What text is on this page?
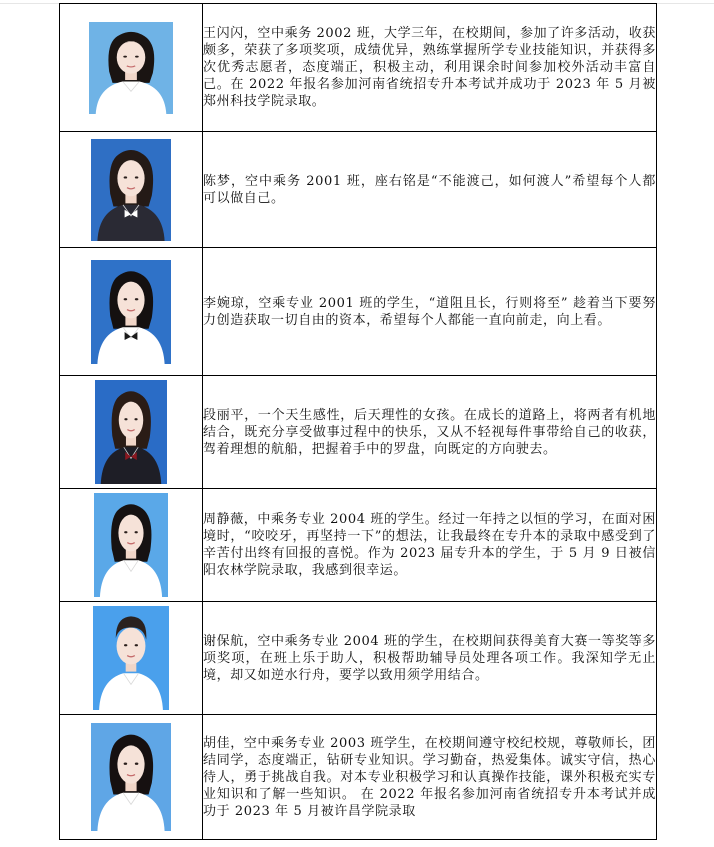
王闪闪，空中乘务 2002 班，大学三年，在校期间，参加了许多活动，收获颇多，荣获了多项奖项，成绩优异，熟练掌握所学专业技能知识，并获得多次优秀志愿者，态度端正，积极主动，利用课余时间参加校外活动丰富自己。在 2022 年报名参加河南省统招专升本考试并成功于 2023 年 5 月被郑州科技学院录取。

陈梦，空中乘务 2001 班，座右铭是“不能渡己，如何渡人”希望每个人都可以做自己。

李婉琼，空乘专业 2001 班的学生，“道阻且长，行则将至” 趁着当下要努力创造获取一切自由的资本，希望每个人都能一直向前走，向上看。

段丽平，一个天生感性，后天理性的女孩。在成长的道路上，将两者有机地结合，既充分享受做事过程中的快乐，又从不轻视每件事带给自己的收获，驾着理想的航船，把握着手中的罗盘，向既定的方向驶去。

周静薇，中乘务专业 2004 班的学生。经过一年持之以恒的学习，在面对困境时，“咬咬牙，再坚持一下”的想法，让我最终在专升本的录取中感受到了辛苦付出终有回报的喜悦。作为 2023 届专升本的学生，于 5 月 9 日被信阳农林学院录取，我感到很幸运。

谢保航，空中乘务专业 2004 班的学生，在校期间获得美育大赛一等奖等多项奖项，在班上乐于助人，积极帮助辅导员处理各项工作。我深知学无止境，却又如逆水行舟，要学以致用须学用结合。

胡佳，空中乘务专业 2003 班学生，在校期间遵守校纪校规，尊敬师长，团结同学，态度端正，钻研专业知识。学习勤奋，热爱集体。诚实守信，热心待人，勇于挑战自我。对本专业积极学习和认真操作技能，课外积极充实专业知识和了解一些知识。 在 2022 年报名参加河南省统招专升本考试并成功于 2023 年 5 月被许昌学院录取
